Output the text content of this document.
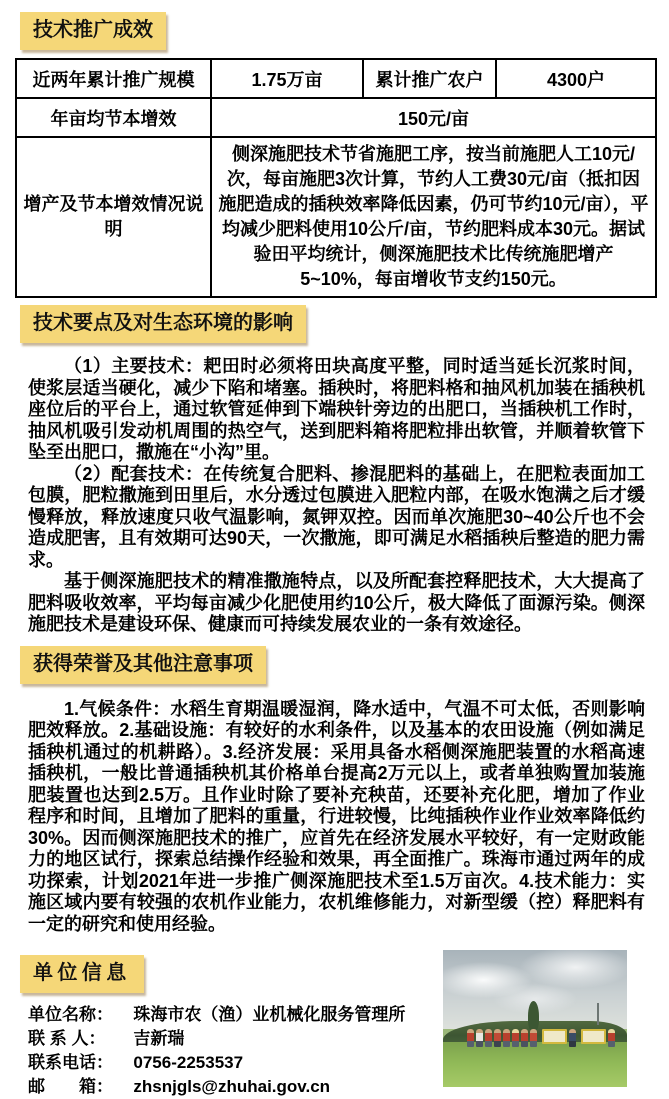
技术推广成效
近两年累计推广规模	1.75万亩	累计推广农户	4300户
年亩均节本增效	150元/亩		
增产及节本增效情况说明	侧深施肥技术节省施肥工序，按当前施肥人工10元/次，每亩施肥3次计算，节约人工费30元/亩（抵扣因施肥造成的插秧效率降低因素，仍可节约10元/亩），平均减少肥料使用10公斤/亩，节约肥料成本30元。据试验田平均统计，侧深施肥技术比传统施肥增产5~10%，每亩增收节支约150元。		
技术要点及对生态环境的影响

（1）主要技术：耙田时必须将田块高度平整，同时适当延长沉浆时间，使浆层适当硬化，减少下陷和堵塞。插秧时，将肥料格和抽风机加装在插秧机座位后的平台上，通过软管延伸到下端秧针旁边的出肥口，当插秧机工作时，抽风机吸引发动机周围的热空气，送到肥料箱将肥粒排出软管，并顺着软管下坠至出肥口，撒施在“小沟”里。

（2）配套技术：在传统复合肥料、掺混肥料的基础上，在肥粒表面加工包膜，肥粒撒施到田里后，水分透过包膜进入肥粒内部，在吸水饱满之后才缓慢释放，释放速度只收气温影响，氮钾双控。因而单次施肥30~40公斤也不会造成肥害，且有效期可达90天，一次撒施，即可满足水稻插秧后整造的肥力需求。

基于侧深施肥技术的精准撒施特点，以及所配套控释肥技术，大大提高了肥料吸收效率，平均每亩减少化肥使用约10公斤，极大降低了面源污染。侧深施肥技术是建设环保、健康而可持续发展农业的一条有效途径。

获得荣誉及其他注意事项

1.气候条件：水稻生育期温暖湿润，降水适中，气温不可太低，否则影响肥效释放。2.基础设施：有较好的水利条件，以及基本的农田设施（例如满足插秧机通过的机耕路）。3.经济发展：采用具备水稻侧深施肥装置的水稻高速插秧机，一般比普通插秧机其价格单台提高2万元以上，或者单独购置加装施肥装置也达到2.5万。且作业时除了要补充秧苗，还要补充化肥，增加了作业程序和时间，且增加了肥料的重量，行进较慢，比纯插秧作业作业效率降低约30%。因而侧深施肥技术的推广，应首先在经济发展水平较好，有一定财政能力的地区试行，探索总结操作经验和效果，再全面推广。珠海市通过两年的成功探索，计划2021年进一步推广侧深施肥技术至1.5万亩次。4.技术能力：实施区域内要有较强的农机作业能力，农机维修能力，对新型缓（控）释肥料有一定的研究和使用经验。

单位信息
单位名称： 珠海市农（渔）业机械化服务管理所
联 系 人： 吉新瑞
联系电话： 0756-2253537
邮　　箱： zhsnjgls@zhuhai.gov.cn
